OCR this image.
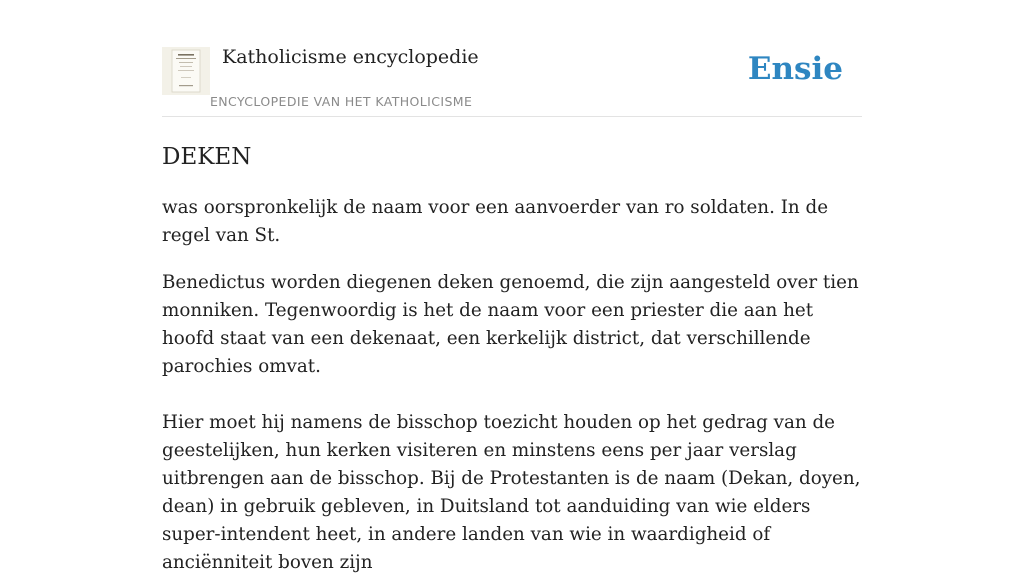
Katholicisme encyclopedie
ENCYCLOPEDIE VAN HET KATHOLICISME
Ensie
DEKEN

was oorspronkelijk de naam voor een aanvoerder van ro soldaten. In de regel van St.

Benedictus worden diegenen deken genoemd, die zijn aangesteld over tien monniken. Tegenwoordig is het de naam voor een priester die aan het hoofd staat van een dekenaat, een kerkelijk district, dat verschillende parochies omvat.

Hier moet hij namens de bisschop toezicht houden op het gedrag van de geestelijken, hun kerken visiteren en minstens eens per jaar verslag uitbrengen aan de bisschop. Bij de Protestanten is de naam (Dekan, doyen, dean) in gebruik gebleven, in Duitsland tot aanduiding van wie elders super-intendent heet, in andere landen van wie in waardigheid of anciënniteit boven zijn
